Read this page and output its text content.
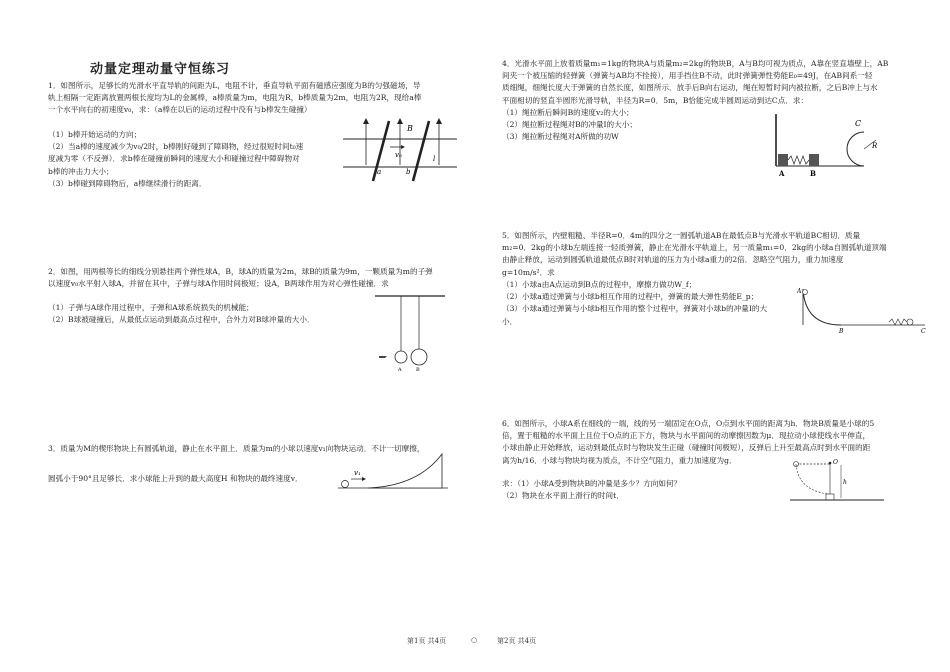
动量定理动量守恒练习
1．如图所示，足够长的光滑水平直导轨的间距为L，电阻不计，垂直导轨平面有磁感应强度为B的匀强磁场，导
轨上相隔一定距离放置两根长度均为L的金属棒，a棒质量为m，电阻为R，b棒质量为2m，电阻为2R，现给a棒
一个水平向右的初速度v₀，求：（a棒在以后的运动过程中没有与b棒发生碰撞）
（1）b棒开始运动的方向；
（2）当a棒的速度减少为v₀/2时，b棒刚好碰到了障碍物，经过很短时间t₀速
度减为零（不反弹）．求b棒在碰撞前瞬间的速度大小和碰撞过程中障碍物对
b棒的冲击力大小；
（3）b棒碰到障碍物后，a棒继续滑行的距离．
B
v₀
a	b
l
2．如图，用两根等长的细线分别悬挂两个弹性球A，B，球A的质量为2m，球B的质量为9m，一颗质量为m的子弹
以速度v₀水平射入球A，并留在其中，子弹与球A作用时间极短；设A，B两球作用为对心弹性碰撞．求
（1）子弹与A球作用过程中，子弹和A球系统损失的机械能；
（2）B球被碰撞后，从最低点运动到最高点过程中，合外力对B球冲量的大小．
A	B
3．质量为M的楔形物块上有圆弧轨道，静止在水平面上．质量为m的小球以速度v₁向物块运动．不计一切摩擦，
圆弧小于90°且足够长．求小球能上升到的最大高度H 和物块的最终速度v．
v₁
4．光滑水平面上放着质量m₁=1kg的物块A与质量m₂=2kg的物块B，A与B均可视为质点，A靠在竖直墙壁上，AB
间夹一个被压缩的轻弹簧（弹簧与AB均不拴接），用手挡住B不动，此时弹簧弹性势能E₀=49J，在AB间系一轻
质细绳，细绳长度大于弹簧的自然长度，如图所示．放手后B向右运动，绳在短暂时间内被拉断，之后B冲上与水
平面相切的竖直半圆形光滑导轨，半径为R=0．5m，B恰能完成半圆周运动到达C点．求：
（1）绳拉断后瞬间B的速度v₂的大小；
（2）绳拉断过程绳对B的冲量I的大小；
（3）绳拉断过程绳对A所做的功W
A	B
C
R
5．如图所示，内壁粗糙、半径R=0．4m的四分之一圆弧轨道AB在最低点B与光滑水平轨道BC相切．质量
m₂=0．2kg的小球b左端连接一轻质弹簧，静止在光滑水平轨道上，另一质量m₁=0．2kg的小球a自圆弧轨道顶端
由静止释放，运动到圆弧轨道最低点B时对轨道的压力为小球a重力的2倍．忽略空气阻力，重力加速度
g=10m/s²．求
（1）小球a由A点运动到B点的过程中，摩擦力做功W_f；
（2）小球a通过弹簧与小球b相互作用的过程中，弹簧的最大弹性势能E_p；
（3）小球a通过弹簧与小球b相互作用的整个过程中，弹簧对小球b的冲量I的大
小．
A
B	C
6．如图所示，小球A系在细线的一端，线的另一端固定在O点，O点到水平面的距离为h．物块B质量是小球的5
倍，置于粗糙的水平面上且位于O点的正下方，物块与水平面间的动摩擦因数为μ．现拉动小球使线水平伸直，
小球由静止开始释放，运动到最低点时与物块发生正碰（碰撞时间极短），反弹后上升至最高点时到水平面的距
离为h/16．小球与物块均视为质点，不计空气阻力，重力加速度为g．
求：（1）小球A受到物块B的冲量是多少？方向如何？
（2）物块在水平面上滑行的时间t．
O
h
第1页 共4页	○	第2页 共4页
